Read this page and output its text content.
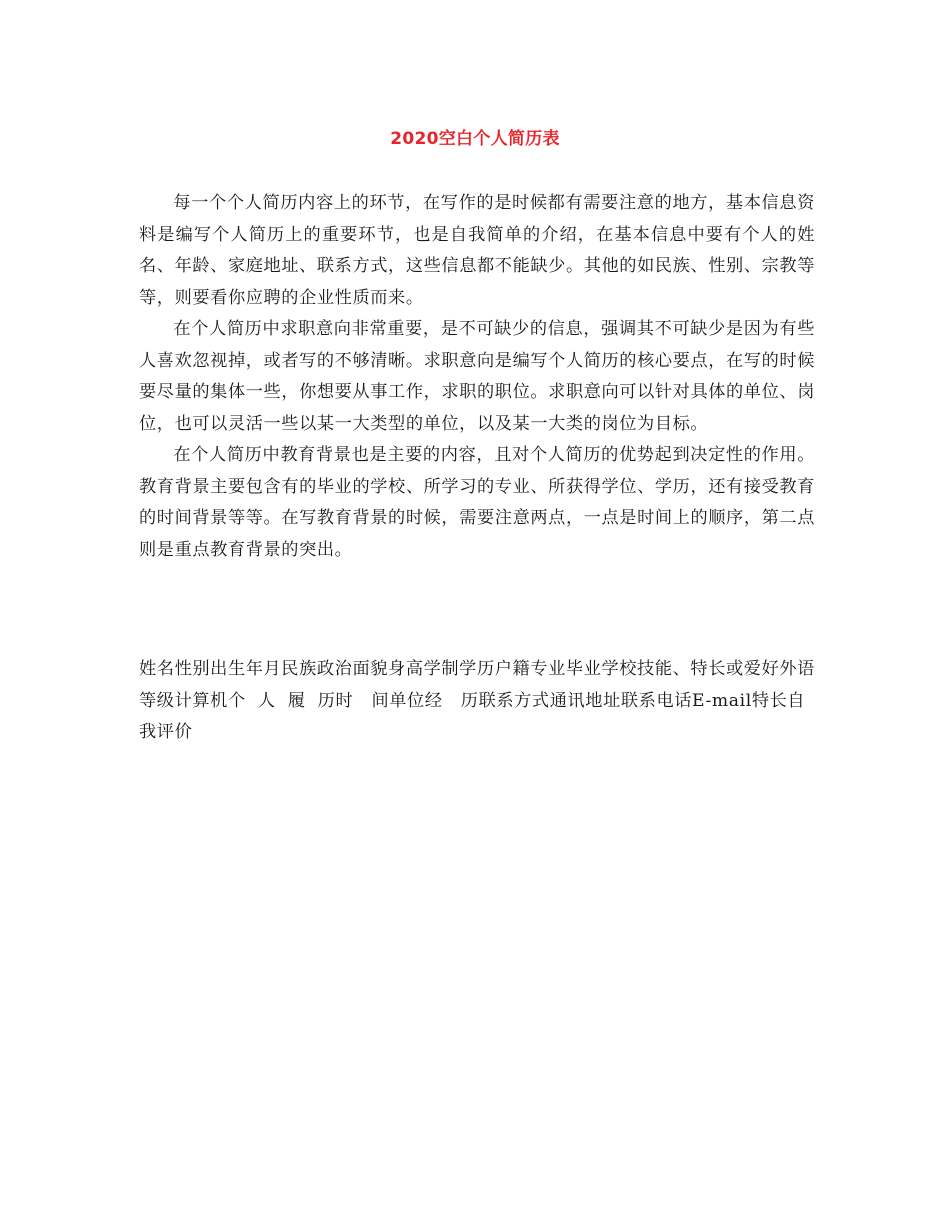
2020空白个人简历表

每一个个人简历内容上的环节，在写作的是时候都有需要注意的地方，基本信息资料是编写个人简历上的重要环节，也是自我简单的介绍，在基本信息中要有个人的姓名、年龄、家庭地址、联系方式，这些信息都不能缺少。其他的如民族、性别、宗教等等，则要看你应聘的企业性质而来。

在个人简历中求职意向非常重要，是不可缺少的信息，强调其不可缺少是因为有些人喜欢忽视掉，或者写的不够清晰。求职意向是编写个人简历的核心要点，在写的时候要尽量的集体一些，你想要从事工作，求职的职位。求职意向可以针对具体的单位、岗位，也可以灵活一些以某一大类型的单位，以及某一大类的岗位为目标。

在个人简历中教育背景也是主要的内容，且对个人简历的优势起到决定性的作用。教育背景主要包含有的毕业的学校、所学习的专业、所获得学位、学历，还有接受教育的时间背景等等。在写教育背景的时候，需要注意两点，一点是时间上的顺序，第二点则是重点教育背景的突出。

姓名性别出生年月民族政治面貌身高学制学历户籍专业毕业学校技能、特长或爱好外语等级计算机个  人  履  历时   间单位经   历联系方式通讯地址联系电话E-mail特长自我评价
